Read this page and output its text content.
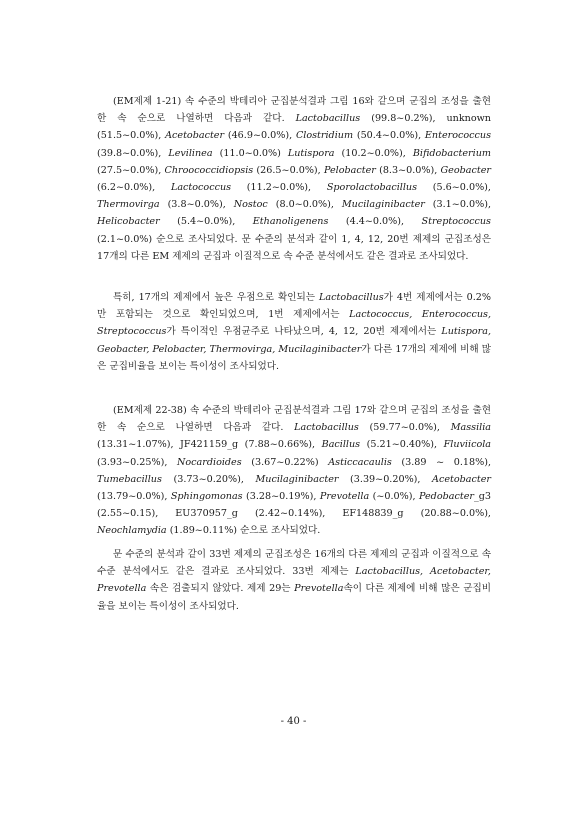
(EM제제 1-21) 속 수준의 박테리아 군집분석결과 그림 16와 같으며 군집의 조성을 출현한 속 순으로 나열하면 다음과 같다. Lactobacillus (99.8~0.2%), unknown (51.5~0.0%), Acetobacter (46.9~0.0%), Clostridium (50.4~0.0%), Enterococcus (39.8~0.0%), Levilinea (11.0~0.0%) Lutispora (10.2~0.0%), Bifidobacterium (27.5~0.0%), Chroococcidiopsis (26.5~0.0%), Pelobacter (8.3~0.0%), Geobacter (6.2~0.0%), Lactococcus (11.2~0.0%), Sporolactobacillus (5.6~0.0%), Thermovirga (3.8~0.0%), Nostoc (8.0~0.0%), Mucilaginibacter (3.1~0.0%), Helicobacter (5.4~0.0%), Ethanoligenens (4.4~0.0%), Streptococcus (2.1~0.0%) 순으로 조사되었다. 문 수준의 분석과 같이 1, 4, 12, 20번 제제의 군집조성은 17개의 다른 EM 제제의 군집과 이질적으로 속 수준 분석에서도 같은 결과로 조사되었다.

특히, 17개의 제제에서 높은 우점으로 확인되는 Lactobacillus가 4번 제제에서는 0.2%만 포함되는 것으로 확인되었으며, 1번 제제에서는 Lactococcus, Enterococcus, Streptococcus가 특이적인 우점균주로 나타났으며, 4, 12, 20번 제제에서는 Lutispora, Geobacter, Pelobacter, Thermovirga, Mucilaginibacter가 다른 17개의 제제에 비해 많은 군집비율을 보이는 특이성이 조사되었다.

(EM제제 22-38) 속 수준의 박테리아 군집분석결과 그림 17와 같으며 군집의 조성을 출현한 속 순으로 나열하면 다음과 같다. Lactobacillus (59.77~0.0%), Massilia (13.31~1.07%), JF421159_g (7.88~0.66%), Bacillus (5.21~0.40%), Fluviicola (3.93~0.25%), Nocardioides (3.67~0.22%) Asticcacaulis (3.89 ~ 0.18%), Tumebacillus (3.73~0.20%), Mucilaginibacter (3.39~0.20%), Acetobacter (13.79~0.0%), Sphingomonas (3.28~0.19%), Prevotella (~0.0%), Pedobacter_g3 (2.55~0.15), EU370957_g (2.42~0.14%), EF148839_g (20.88~0.0%), Neochlamydia (1.89~0.11%) 순으로 조사되었다.

문 수준의 분석과 같이 33번 제제의 군집조성은 16개의 다른 제제의 군집과 이질적으로 속 수준 분석에서도 같은 결과로 조사되었다. 33번 제제는 Lactobacillus, Acetobacter, Prevotella 속은 검출되지 않았다. 제제 29는 Prevotella속이 다른 제제에 비해 많은 군집비율을 보이는 특이성이 조사되었다.

- 40 -
